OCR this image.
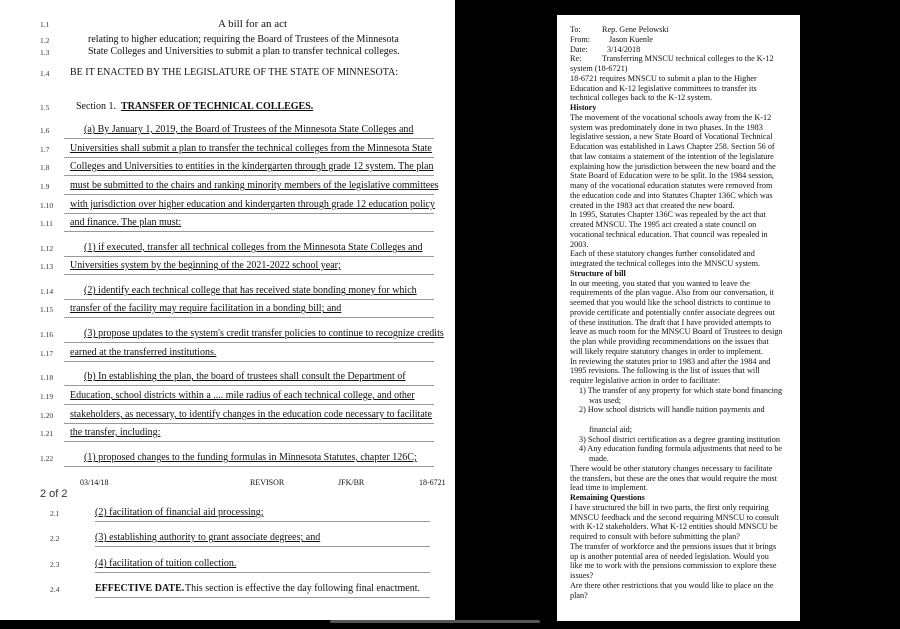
1.1	A bill for an act
1.2	relating to higher education; requiring the Board of Trustees of the Minnesota
1.3	State Colleges and Universities to submit a plan to transfer technical colleges.
1.4 BE IT ENACTED BY THE LEGISLATURE OF THE STATE OF MINNESOTA:
1.5	Section 1. TRANSFER OF TECHNICAL COLLEGES.
1.6	(a) By January 1, 2019, the Board of Trustees of the Minnesota State Colleges and
1.7 Universities shall submit a plan to transfer the technical colleges from the Minnesota State
1.8 Colleges and Universities to entities in the kindergarten through grade 12 system. The plan
1.9 must be submitted to the chairs and ranking minority members of the legislative committees
1.10 with jurisdiction over higher education and kindergarten through grade 12 education policy
1.11 and finance. The plan must:
1.12	(1) if executed, transfer all technical colleges from the Minnesota State Colleges and
1.13 Universities system by the beginning of the 2021-2022 school year;
1.14	(2) identify each technical college that has received state bonding money for which
1.15 transfer of the facility may require facilitation in a bonding bill; and
1.16	(3) propose updates to the system's credit transfer policies to continue to recognize credits
1.17 earned at the transferred institutions.
1.18	(b) In establishing the plan, the board of trustees shall consult the Department of
1.19 Education, school districts within a .... mile radius of each technical college, and other
1.20 stakeholders, as necessary, to identify changes in the education code necessary to facilitate
1.21 the transfer, including:
1.22	(1) proposed changes to the funding formulas in Minnesota Statutes, chapter 126C;
03/14/18	REVISOR	JFK/BR	18-6721
2 of 2
2.1	(2) facilitation of financial aid processing;
2.2	(3) establishing authority to grant associate degrees; and
2.3	(4) facilitation of tuition collection.
2.4	EFFECTIVE DATE. This section is effective the day following final enactment.
To:	Rep. Gene Pelowski
From: Jason Kuenle
Date: 3/14/2018
Re:	Transferring MNSCU technical colleges to the K-12
system (18-6721)
18-6721 requires MNSCU to submit a plan to the Higher
Education and K-12 legislative committees to transfer its
technical colleges back to the K-12 system.
History
The movement of the vocational schools away from the K-12
system was predominately done in two phases. In the 1983
legislative session, a new State Board of Vocational Technical
Education was established in Laws Chapter 258. Section 56 of
that law contains a statement of the intention of the legislature
explaining how the jurisdiction between the new board and the
State Board of Education were to be split. In the 1984 session,
many of the vocational education statutes were removed from
the education code and into Statutes Chapter 136C which was
created in the 1983 act that created the new board.
In 1995, Statutes Chapter 136C was repealed by the act that
created MNSCU. The 1995 act created a state council on
vocational technical education. That council was repealed in
2003.
Each of these statutory changes further consolidated and
integrated the technical colleges into the MNSCU system.
Structure of bill
In our meeting, you stated that you wanted to leave the
requirements of the plan vague. Also from our conversation, it
seemed that you would like the school districts to continue to
provide certificate and potentially confer associate degrees out
of these institution. The draft that I have provided attempts to
leave as much room for the MNSCU Board of Trustees to design
the plan while providing recommendations on the issues that
will likely require statutory changes in order to implement.
In reviewing the statutes prior to 1983 and after the 1984 and
1995 revisions. The following is the list of issues that will
require legislative action in order to facilitate:
1) The transfer of any property for which state bond financing
was used;
2) How school districts will handle tuition payments and
financial aid;
3) School district certification as a degree granting institution
4) Any education funding formula adjustments that need to be
made.
There would be other statutory changes necessary to facilitate
the transfers, but these are the ones that would require the most
lead time to implement.
Remaining Questions
I have structured the bill in two parts, the first only requiring
MNSCU feedback and the second requiring MNSCU to consult
with K-12 stakeholders. What K-12 entities should MNSCU be
required to consult with before submitting the plan?
The transfer of workforce and the pensions issues that it brings
up is another potential area of needed legislation. Would you
like me to work with the pensions commission to explore these
issues?
Are there other restrictions that you would like to place on the
plan?
